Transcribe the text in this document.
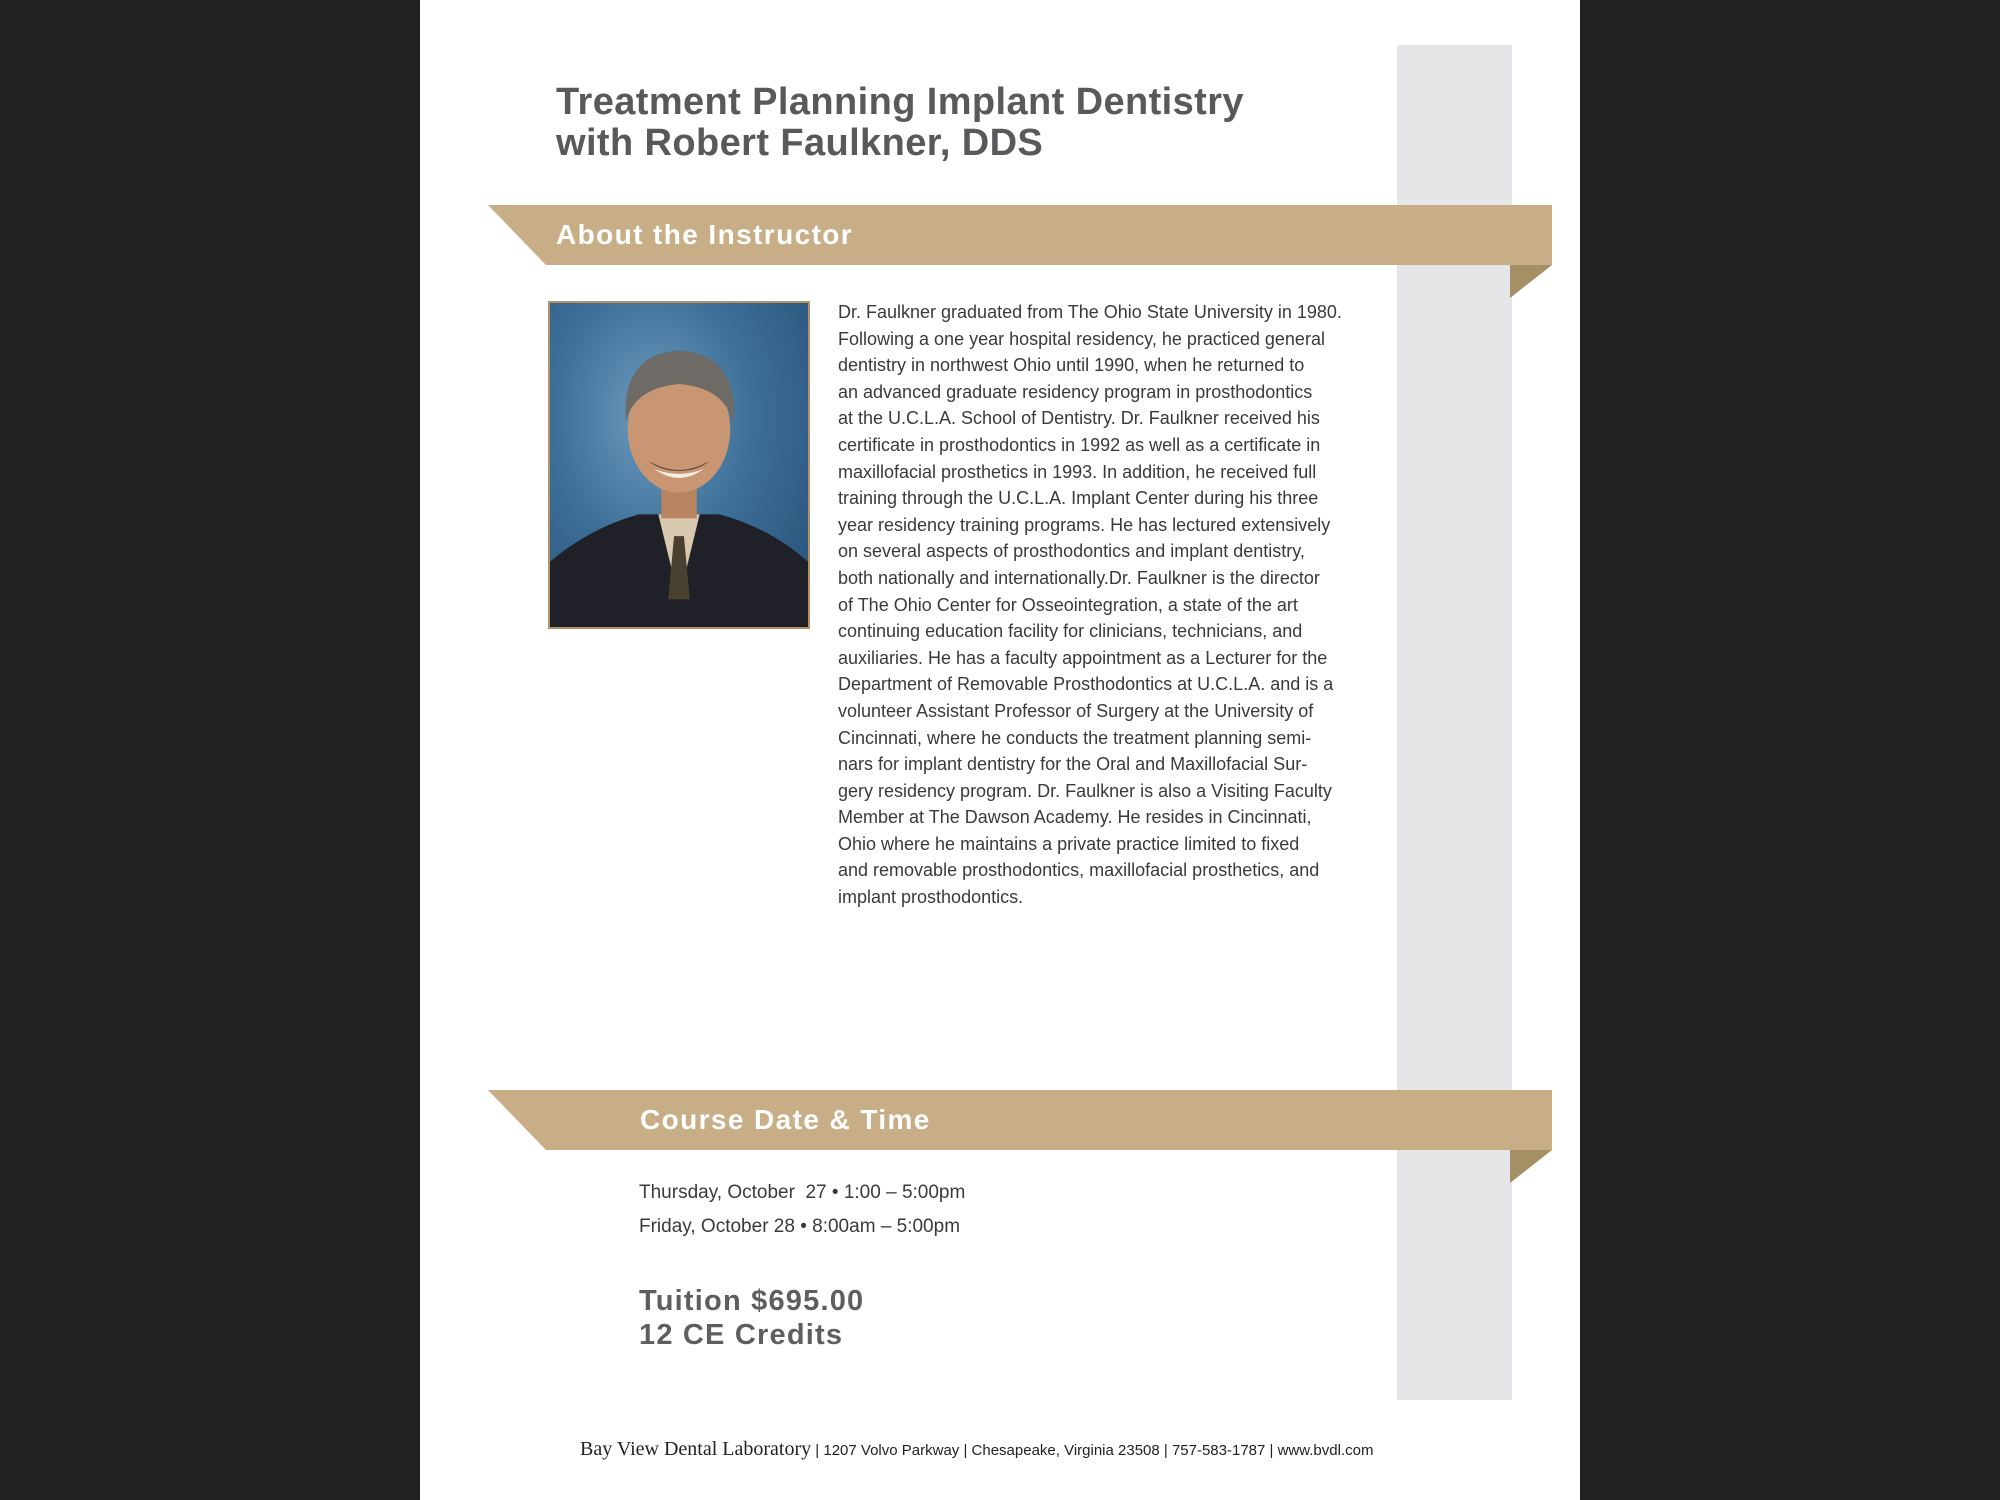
Treatment Planning Implant Dentistry
with Robert Faulkner, DDS
About the Instructor
Dr. Faulkner graduated from The Ohio State University in 1980.
Following a one year hospital residency, he practiced general
dentistry in northwest Ohio until 1990, when he returned to
an advanced graduate residency program in prosthodontics
at the U.C.L.A. School of Dentistry. Dr. Faulkner received his
certificate in prosthodontics in 1992 as well as a certificate in
maxillofacial prosthetics in 1993. In addition, he received full
training through the U.C.L.A. Implant Center during his three
year residency training programs. He has lectured extensively
on several aspects of prosthodontics and implant dentistry,
both nationally and internationally.Dr. Faulkner is the director
of The Ohio Center for Osseointegration, a state of the art
continuing education facility for clinicians, technicians, and
auxiliaries. He has a faculty appointment as a Lecturer for the
Department of Removable Prosthodontics at U.C.L.A. and is a
volunteer Assistant Professor of Surgery at the University of
Cincinnati, where he conducts the treatment planning semi-
nars for implant dentistry for the Oral and Maxillofacial Sur-
gery residency program. Dr. Faulkner is also a Visiting Faculty
Member at The Dawson Academy. He resides in Cincinnati,
Ohio where he maintains a private practice limited to fixed
and removable prosthodontics, maxillofacial prosthetics, and
implant prosthodontics.
Course Date & Time
Thursday, October  27 • 1:00 – 5:00pm
Friday, October 28 • 8:00am – 5:00pm
Tuition $695.00
12 CE Credits
Bay View Dental Laboratory | 1207 Volvo Parkway | Chesapeake, Virginia 23508 | 757-583-1787 | www.bvdl.com
